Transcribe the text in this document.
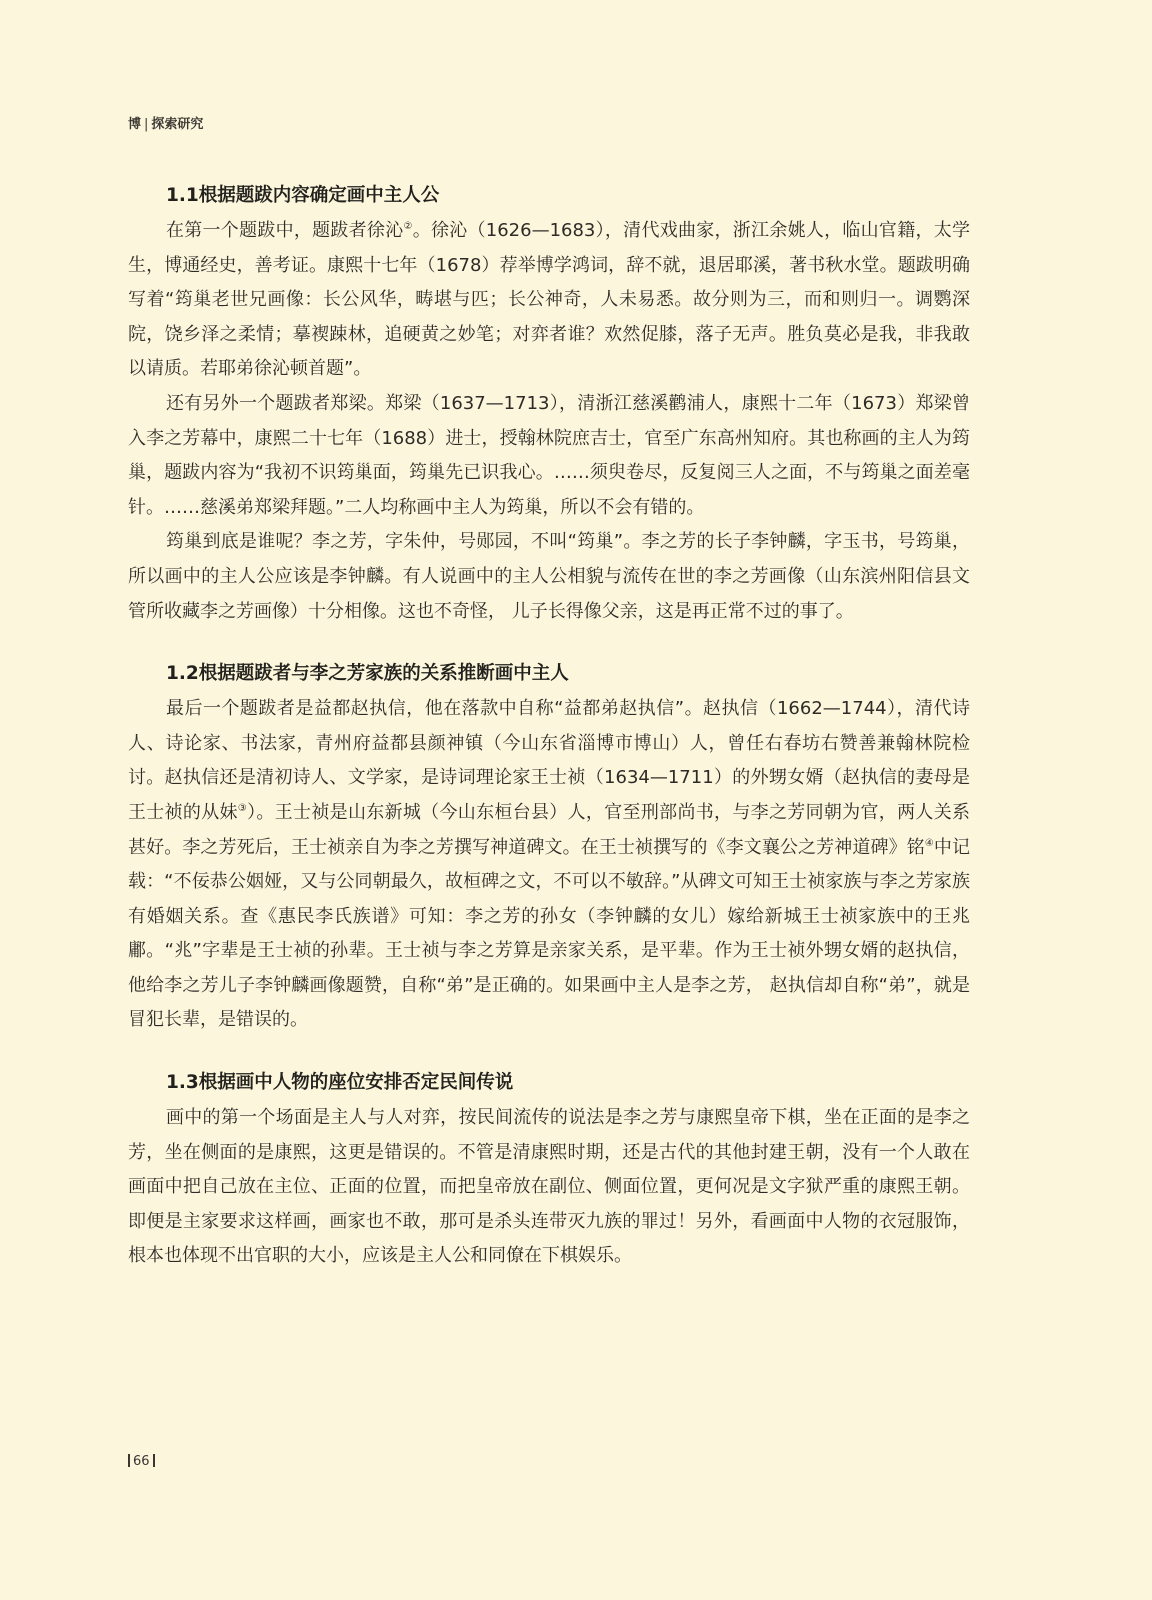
博 | 探索研究
1.1根据题跋内容确定画中主人公

在第一个题跋中，题跋者徐沁②。徐沁（1626—1683），清代戏曲家，浙江余姚人，临山官籍，太学生，博通经史，善考证。康熙十七年（1678）荐举博学鸿词，辞不就，退居耶溪，著书秋水堂。题跋明确写着“筠巢老世兄画像：长公风华，畴堪与匹；长公神奇，人未易悉。故分则为三，而和则归一。调鹦深院，饶乡泽之柔情；摹褉踈林，追硬黄之妙笔；对弈者谁？欢然促膝，落子无声。胜负莫必是我，非我敢以请质。若耶弟徐沁顿首题”。

还有另外一个题跋者郑梁。郑梁（1637—1713），清浙江慈溪鹳浦人，康熙十二年（1673）郑梁曾入李之芳幕中，康熙二十七年（1688）进士，授翰林院庶吉士，官至广东高州知府。其也称画的主人为筠巢，题跋内容为“我初不识筠巢面，筠巢先已识我心。……须臾卷尽，反复阅三人之面，不与筠巢之面差毫针。……慈溪弟郑梁拜题。”二人均称画中主人为筠巢，所以不会有错的。

筠巢到底是谁呢？李之芳，字朱仲，号郧园，不叫“筠巢”。李之芳的长子李钟麟，字玉书，号筠巢，所以画中的主人公应该是李钟麟。有人说画中的主人公相貌与流传在世的李之芳画像（山东滨州阳信县文管所收藏李之芳画像）十分相像。这也不奇怪， 儿子长得像父亲，这是再正常不过的事了。

1.2根据题跋者与李之芳家族的关系推断画中主人

最后一个题跋者是益都赵执信，他在落款中自称“益都弟赵执信”。赵执信（1662—1744），清代诗人、诗论家、书法家，青州府益都县颜神镇（今山东省淄博市博山）人，曾任右春坊右赞善兼翰林院检讨。赵执信还是清初诗人、文学家，是诗词理论家王士祯（1634—1711）的外甥女婿（赵执信的妻母是王士祯的从妹③）。王士祯是山东新城（今山东桓台县）人，官至刑部尚书，与李之芳同朝为官，两人关系甚好。李之芳死后，王士祯亲自为李之芳撰写神道碑文。在王士祯撰写的《李文襄公之芳神道碑》铭④中记载：“不佞恭公姻娅，又与公同朝最久，故桓碑之文，不可以不敏辞。”从碑文可知王士祯家族与李之芳家族有婚姻关系。查《惠民李氏族谱》可知：李之芳的孙女（李钟麟的女儿）嫁给新城王士祯家族中的王兆鄘。“兆”字辈是王士祯的孙辈。王士祯与李之芳算是亲家关系，是平辈。作为王士祯外甥女婿的赵执信，他给李之芳儿子李钟麟画像题赞，自称“弟”是正确的。如果画中主人是李之芳， 赵执信却自称“弟”，就是冒犯长辈，是错误的。

1.3根据画中人物的座位安排否定民间传说

画中的第一个场面是主人与人对弈，按民间流传的说法是李之芳与康熙皇帝下棋，坐在正面的是李之芳，坐在侧面的是康熙，这更是错误的。不管是清康熙时期，还是古代的其他封建王朝，没有一个人敢在画面中把自己放在主位、正面的位置，而把皇帝放在副位、侧面位置，更何况是文字狱严重的康熙王朝。即便是主家要求这样画，画家也不敢，那可是杀头连带灭九族的罪过！另外，看画面中人物的衣冠服饰， 根本也体现不出官职的大小，应该是主人公和同僚在下棋娱乐。

66
